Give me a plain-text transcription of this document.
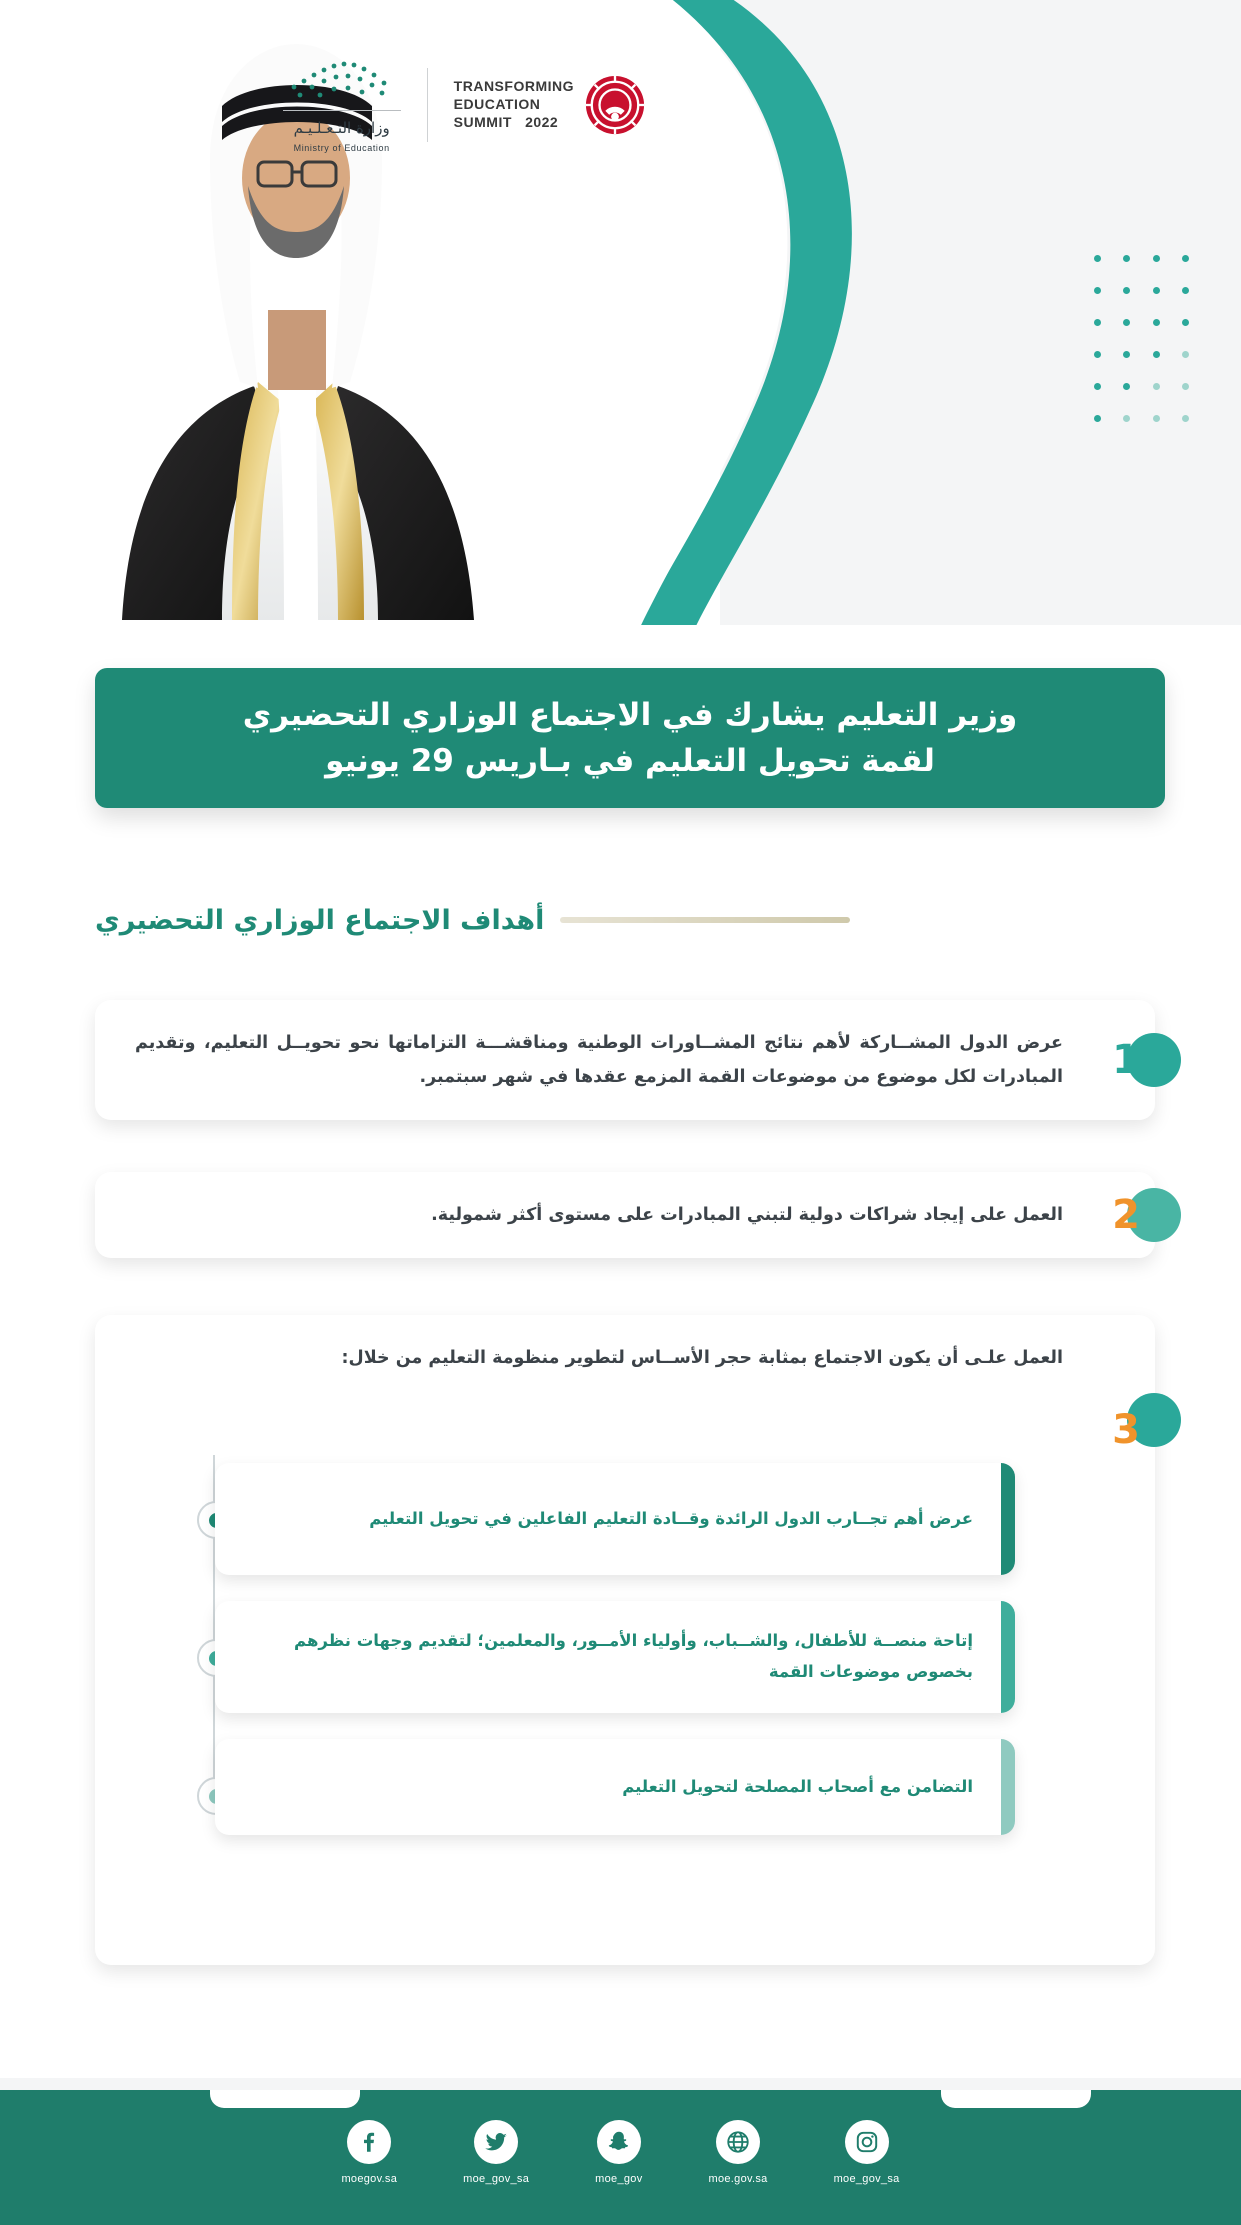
TRANSFORMING
EDUCATION
SUMMIT 2022
وزارة التـعـلـيـم
Ministry of Education
وزير التعليم يشارك في الاجتماع الوزاري التحضيري
لقمة تحويل التعليم في بـاريس 29 يونيو
أهداف الاجتماع الوزاري التحضيري
1
عرض الدول المشــاركة لأهم نتائج المشــاورات الوطنية ومناقشـــة التزاماتها نحو تحويــل التعليم، وتقديم المبادرات لكل موضوع من موضوعات القمة المزمع عقدها في شهر سبتمبر.
2
العمل على إيجاد شراكات دولية لتبني المبادرات على مستوى أكثر شمولية.
3
العمل علـى أن يكون الاجتماع بمثابة حجر الأســاس لتطوير منظومة التعليم من خلال:
عرض أهم تجــارب الدول الرائدة وقــادة التعليم الفاعلين في تحويل التعليم
إتاحة منصــة للأطفال، والشــباب، وأولياء الأمــور، والمعلمين؛ لتقديم وجهات نظرهم بخصوص موضوعات القمة
التضامن مع أصحاب المصلحة لتحويل التعليم
moegov.sa	moe_gov_sa	moe_gov	moe.gov.sa	moe_gov_sa
